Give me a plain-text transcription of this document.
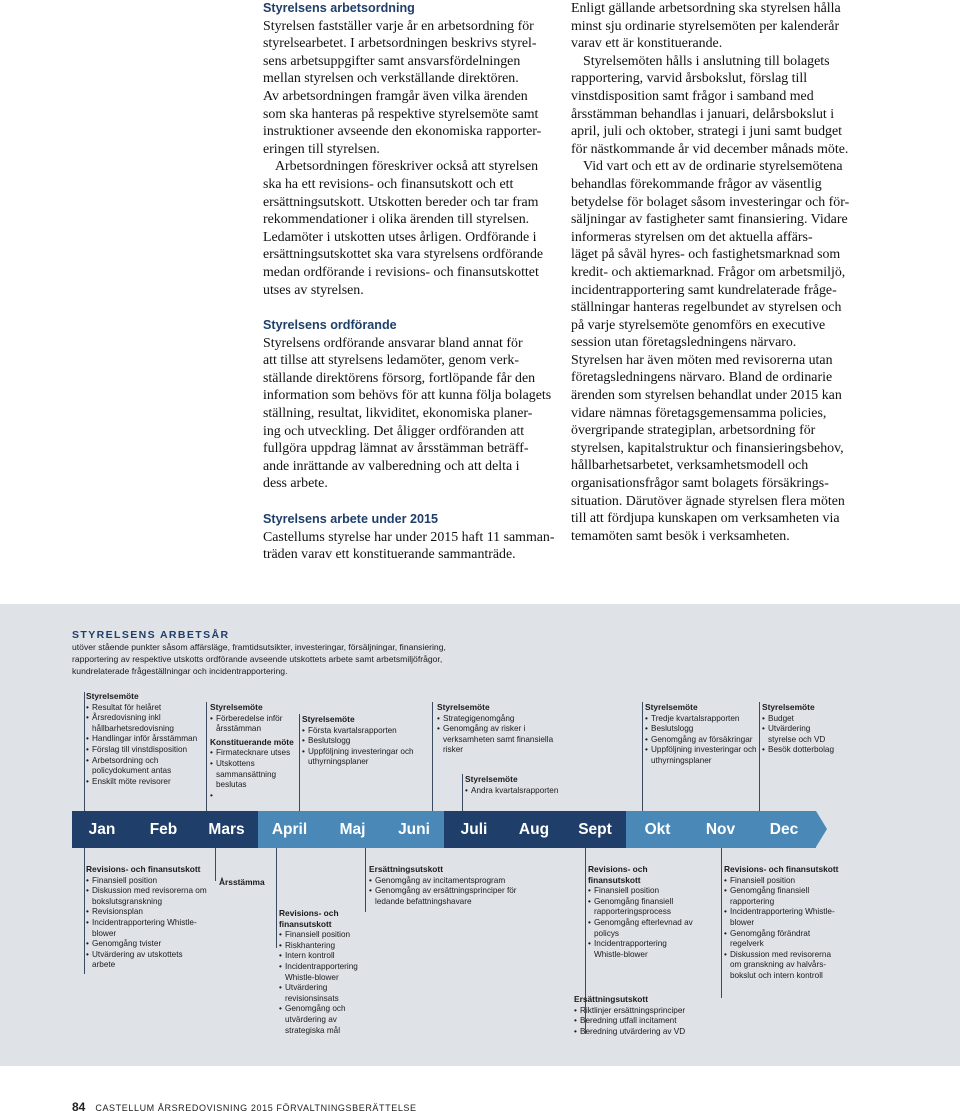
Styrelsens arbetsordning

Styrelsen fastställer varje år en arbetsordning för
styrelsearbetet. I arbetsordningen beskrivs styrel-
sens arbetsuppgifter samt ansvarsfördelningen
mellan styrelsen och verkställande direktören.
Av arbetsordningen framgår även vilka ärenden
som ska hanteras på respektive styrelsemöte samt
instruktioner avseende den ekonomiska rapporter-
eringen till styrelsen.

Arbetsordningen föreskriver också att styrelsen
ska ha ett revisions- och finansutskott och ett
ersättningsutskott. Utskotten bereder och tar fram
rekommendationer i olika ärenden till styrelsen.
Ledamöter i utskotten utses årligen. Ordförande i
ersättningsutskottet ska vara styrelsens ordförande
medan ordförande i revisions- och finansutskottet
utses av styrelsen.

Styrelsens ordförande

Styrelsens ordförande ansvarar bland annat för
att tillse att styrelsens ledamöter, genom verk-
ställande direktörens försorg, fortlöpande får den
information som behövs för att kunna följa bolagets
ställning, resultat, likviditet, ekonomiska planer-
ing och utveckling. Det åligger ordföranden att
fullgöra uppdrag lämnat av årsstämman beträff-
ande inrättande av valberedning och att delta i
dess arbete.

Styrelsens arbete under 2015

Castellums styrelse har under 2015 haft 11 samman-
träden varav ett konstituerande sammanträde.

Enligt gällande arbetsordning ska styrelsen hålla
minst sju ordinarie styrelsemöten per kalenderår
varav ett är konstituerande.

Styrelsemöten hålls i anslutning till bolagets
rapportering, varvid årsbokslut, förslag till
vinstdisposition samt frågor i samband med
årsstämman behandlas i januari, delårsbokslut i
april, juli och oktober, strategi i juni samt budget
för nästkommande år vid december månads möte.

Vid vart och ett av de ordinarie styrelsemötena
behandlas förekommande frågor av väsentlig
betydelse för bolaget såsom investeringar och för-
säljningar av fastigheter samt finansiering. Vidare
informeras styrelsen om det aktuella affärs-
läget på såväl hyres- och fastighetsmarknad som
kredit- och aktiemarknad. Frågor om arbetsmiljö,
incidentrapportering samt kundrelaterade fråge-
ställningar hanteras regelbundet av styrelsen och
på varje styrelsemöte genomförs en executive
session utan företagsledningens närvaro.

Styrelsen har även möten med revisorerna utan
företagsledningens närvaro. Bland de ordinarie
ärenden som styrelsen behandlat under 2015 kan
vidare nämnas företagsgemensamma policies,
övergripande strategiplan, arbetsordning för
styrelsen, kapitalstruktur och finansieringsbehov,
hållbarhetsarbetet, verksamhetsmodell och
organisationsfrågor samt bolagets försäkrings-
situation. Därutöver ägnade styrelsen flera möten
till att fördjupa kunskapen om verksamheten via
temamöten samt besök i verksamheten.

STYRELSENS ARBETSÅR
utöver stående punkter såsom affärsläge, framtidsutsikter, investeringar, försäljningar, finansiering,
rapportering av respektive utskotts ordförande avseende utskottets arbete samt arbetsmiljöfrågor,
kundrelaterade frågeställningar och incidentrapportering.
Styrelsemöte
• Resultat för helåret
• Årsredovisning inkl hållbarhetsredovisning
• Handlingar inför årsstämman
• Förslag till vinstdisposition
• Arbetsordning och policydokument antas
• Enskilt möte revisorer
Styrelsemöte
• Förberedelse inför årsstämman
Konstituerande möte
• Firmatecknare utses
• Utskottens sammansättning beslutas
Styrelsemöte
• Första kvartalsrapporten
• Beslutslogg
• Uppföljning investeringar och uthyrningsplaner
Styrelsemöte
• Strategigenomgång
• Genomgång av risker i verksamheten samt finansiella risker
Styrelsemöte
• Andra kvartalsrapporten
Styrelsemöte
• Tredje kvartalsrapporten
• Beslutslogg
• Genomgång av försäkringar
• Uppföljning investeringar och uthyrningsplaner
Styrelsemöte
• Budget
• Utvärdering styrelse och VD
• Besök dotterbolag
Jan	Feb	Mars	April	Maj	Juni	Juli	Aug	Sept	Okt	Nov	Dec
Revisions- och finansutskott
• Finansiell position
• Diskussion med revisorerna om bokslutsgranskning
• Revisionsplan
• Incidentrapportering Whistle-blower
• Genomgång tvister
• Utvärdering av utskottets arbete
Årsstämma
Revisions- och finansutskott
• Finansiell position
• Riskhantering
• Intern kontroll
• Incidentrapportering Whistle-blower
• Utvärdering revisionsinsats
• Genomgång och utvärdering av strategiska mål
Ersättningsutskott
• Genomgång av incitamentsprogram
• Genomgång av ersättningsprinciper för ledande befattningshavare
Revisions- och finansutskott
• Finansiell position
• Genomgång finansiell rapporteringsprocess
• Genomgång efterlevnad av policys
• Incidentrapportering Whistle-blower
Ersättningsutskott
• Riktlinjer ersättningsprinciper
• Beredning utfall incitament
• Beredning utvärdering av VD
Revisions- och finansutskott
• Finansiell position
• Genomgång finansiell rapportering
• Incidentrapportering Whistle-blower
• Genomgång förändrat regelverk
• Diskussion med revisorerna om granskning av halvårs-bokslut och intern kontroll
84 CASTELLUM ÅRSREDOVISNING 2015 FÖRVALTNINGSBERÄTTELSE
